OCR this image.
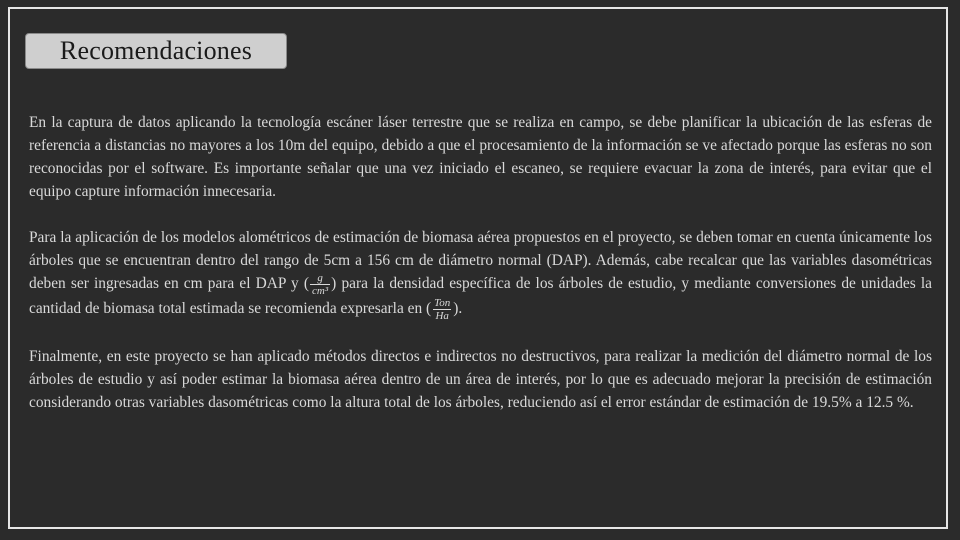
Recomendaciones

En la captura de datos aplicando la tecnología escáner láser terrestre que se realiza en campo, se debe planificar la ubicación de las esferas de referencia a distancias no mayores a los 10m del equipo, debido a que el procesamiento de la información se ve afectado porque las esferas no son reconocidas por el software. Es importante señalar que una vez iniciado el escaneo, se requiere evacuar la zona de interés, para evitar que el equipo capture información innecesaria.

Para la aplicación de los modelos alométricos de estimación de biomasa aérea propuestos en el proyecto, se deben tomar en cuenta únicamente los árboles que se encuentran dentro del rango de 5cm a 156 cm de diámetro normal (DAP). Además, cabe recalcar que las variables dasométricas deben ser ingresadas en cm para el DAP y ( $\frac{g}{\text{cm³}}$ ) para la densidad específica de los árboles de estudio, y mediante conversiones de unidades la cantidad de biomasa total estimada se recomienda expresarla en ( $\frac{\text{Ton}}{Ha}$ ).

Finalmente, en este proyecto se han aplicado métodos directos e indirectos no destructivos, para realizar la medición del diámetro normal de los árboles de estudio y así poder estimar la biomasa aérea dentro de un área de interés, por lo que es adecuado mejorar la precisión de estimación considerando otras variables dasométricas como la altura total de los árboles, reduciendo así el error estándar de estimación de 19.5% a 12.5 %.
